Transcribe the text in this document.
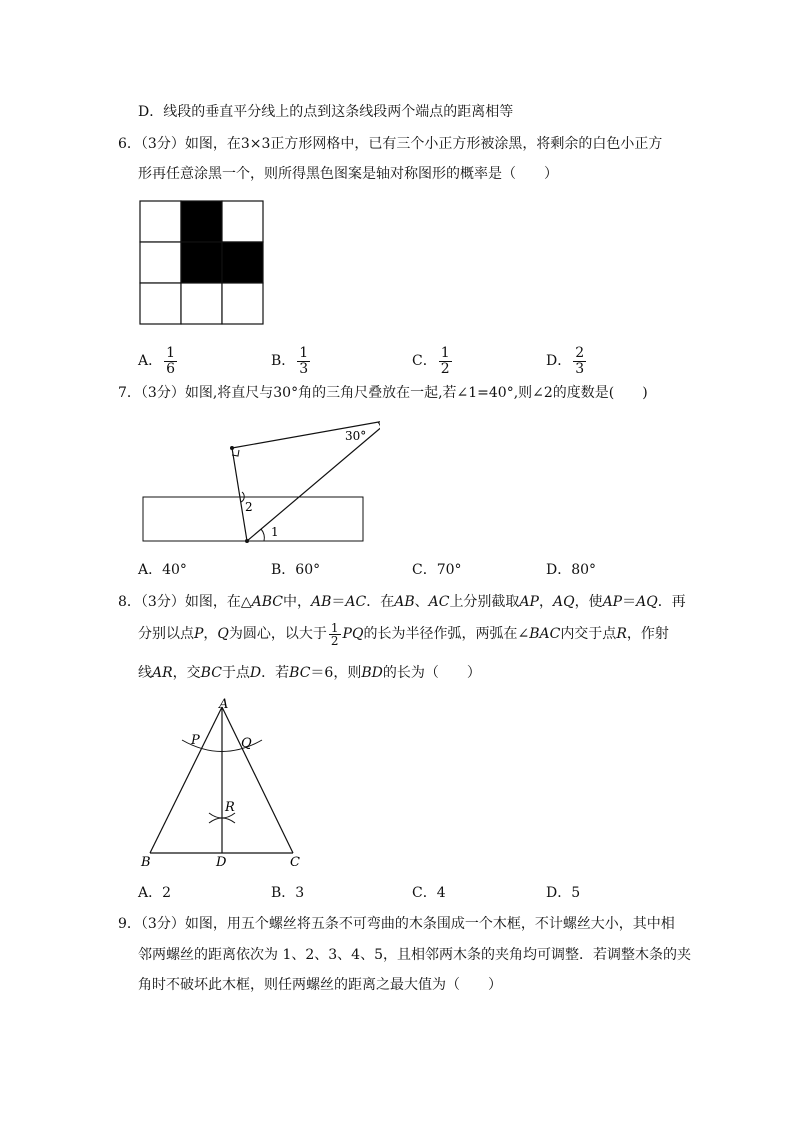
D．线段的垂直平分线上的点到这条线段两个端点的距离相等
6．（3分）如图，在3×3正方形网格中，已有三个小正方形被涂黑，将剩余的白色小正方
形再任意涂黑一个，则所得黑色图案是轴对称图形的概率是（　　）
A． $\frac{1}{6}$	B． $\frac{1}{3}$	C． $\frac{1}{2}$	D． $\frac{2}{3}$
7．（3分）如图,将直尺与30°角的三角尺叠放在一起,若∠1=40°,则∠2的度数是(　　)
30°
2
1
A．40°	B．60°	C．70°	D．80°
8．（3分）如图，在△ABC中，AB＝AC．在AB、AC上分别截取AP，AQ，使AP＝AQ．再
分别以点P，Q为圆心，以大于 $\frac{1}{2}$ PQ的长为半径作弧，两弧在∠BAC内交于点R，作射
线AR，交BC于点D．若BC＝6，则BD的长为（　　）
A
P	Q
R
B	D	C
A．2	B．3	C．4	D．5
9．（3分）如图，用五个螺丝将五条不可弯曲的木条围成一个木框，不计螺丝大小，其中相
邻两螺丝的距离依次为 1、2、3、4、5，且相邻两木条的夹角均可调整．若调整木条的夹
角时不破坏此木框，则任两螺丝的距离之最大值为（　　）
